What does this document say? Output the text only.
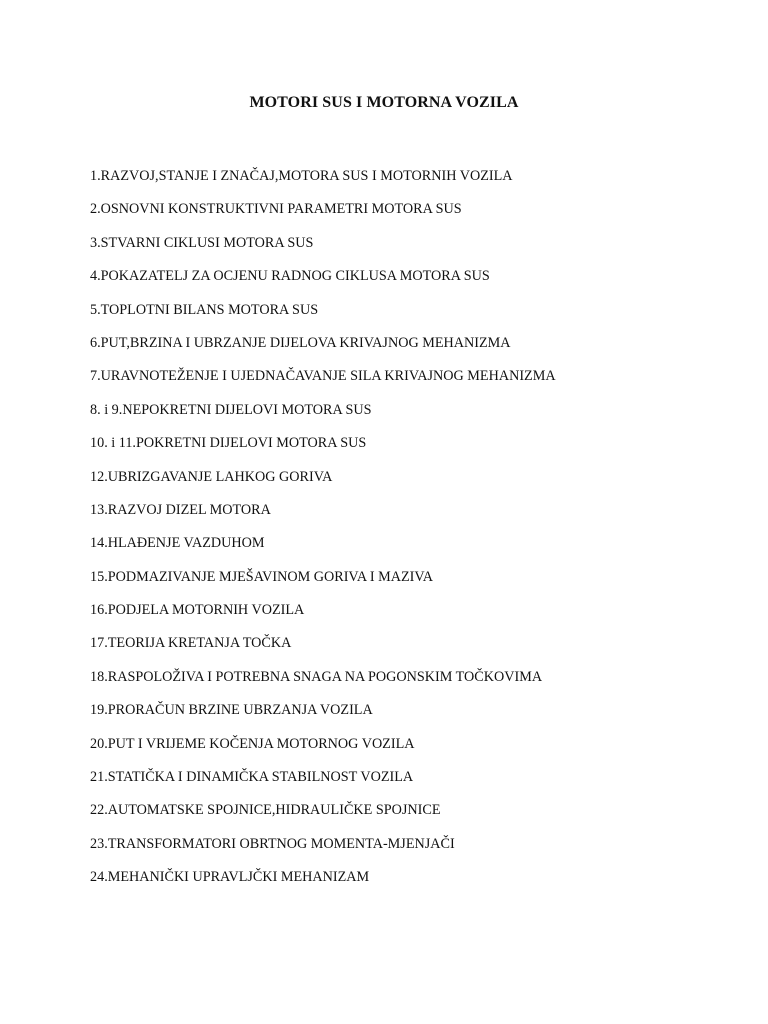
MOTORI SUS I MOTORNA VOZILA
1.RAZVOJ,STANJE I ZNAČAJ,MOTORA SUS I MOTORNIH VOZILA
2.OSNOVNI KONSTRUKTIVNI PARAMETRI MOTORA SUS
3.STVARNI CIKLUSI MOTORA SUS
4.POKAZATELJ ZA OCJENU RADNOG CIKLUSA MOTORA SUS
5.TOPLOTNI BILANS MOTORA SUS
6.PUT,BRZINA I UBRZANJE DIJELOVA KRIVAJNOG MEHANIZMA
7.URAVNOTEŽENJE I UJEDNAČAVANJE SILA KRIVAJNOG MEHANIZMA
8. i 9.NEPOKRETNI DIJELOVI MOTORA SUS
10. i 11.POKRETNI DIJELOVI MOTORA SUS
12.UBRIZGAVANJE LAHKOG GORIVA
13.RAZVOJ DIZEL MOTORA
14.HLAĐENJE VAZDUHOM
15.PODMAZIVANJE MJEŠAVINOM GORIVA I MAZIVA
16.PODJELA MOTORNIH VOZILA
17.TEORIJA KRETANJA TOČKA
18.RASPOLOŽIVA I POTREBNA SNAGA NA POGONSKIM TOČKOVIMA
19.PRORAČUN BRZINE UBRZANJA VOZILA
20.PUT I VRIJEME KOČENJA MOTORNOG VOZILA
21.STATIČKA I DINAMIČKA STABILNOST VOZILA
22.AUTOMATSKE SPOJNICE,HIDRAULIČKE SPOJNICE
23.TRANSFORMATORI OBRTNOG MOMENTA-MJENJAČI
24.MEHANIČKI UPRAVLJČKI MEHANIZAM
